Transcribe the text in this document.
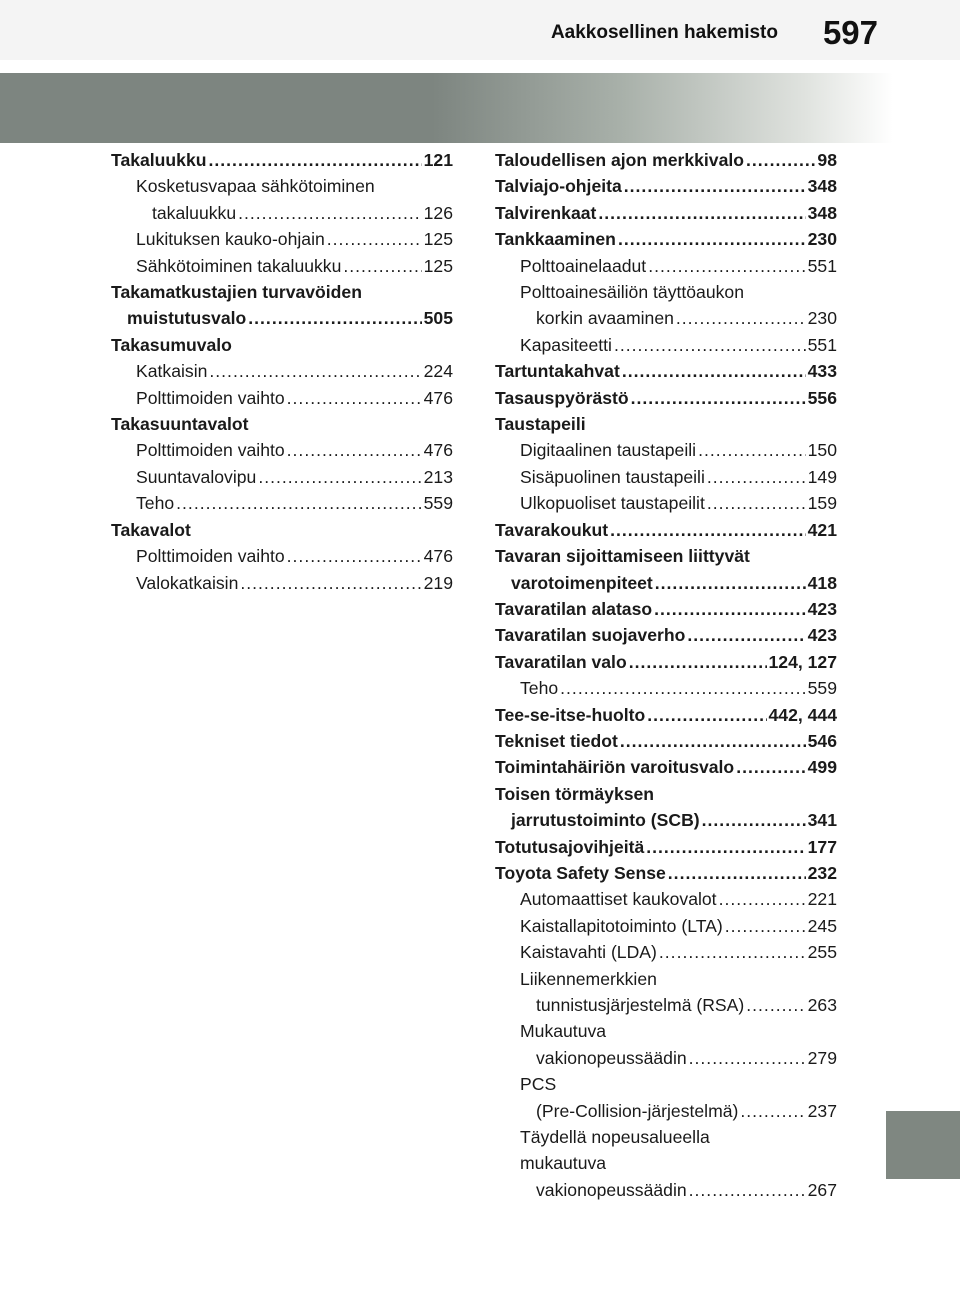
Aakkosellinen hakemisto 597
Takaluukku .....	121
Kosketusvapaa sähkötoiminen
takaluukku .....	126
Lukituksen kauko-ohjain .....	125
Sähkötoiminen takaluukku .....	125
Takamatkustajien turvavöiden
muistutusvalo .....	505
Takasumuvalo
Katkaisin .....	224
Polttimoiden vaihto .....	476
Takasuuntavalot
Polttimoiden vaihto .....	476
Suuntavalovipu .....	213
Teho .....	559
Takavalot
Polttimoiden vaihto .....	476
Valokatkaisin .....	219
Taloudellisen ajon merkkivalo .....	98
Talviajo-ohjeita .....	348
Talvirenkaat .....	348
Tankkaaminen .....	230
Polttoainelaadut .....	551
Polttoainesäiliön täyttöaukon
korkin avaaminen .....	230
Kapasiteetti .....	551
Tartuntakahvat .....	433
Tasauspyörästö .....	556
Taustapeili
Digitaalinen taustapeili .....	150
Sisäpuolinen taustapeili .....	149
Ulkopuoliset taustapeilit .....	159
Tavarakoukut .....	421
Tavaran sijoittamiseen liittyvät
varotoimenpiteet .....	418
Tavaratilan alataso .....	423
Tavaratilan suojaverho .....	423
Tavaratilan valo .....	124, 127
Teho .....	559
Tee-se-itse-huolto .....	442, 444
Tekniset tiedot .....	546
Toimintahäiriön varoitusvalo .....	499
Toisen törmäyksen
jarrutustoiminto (SCB) .....	341
Totutusajovihjeitä .....	177
Toyota Safety Sense .....	232
Automaattiset kaukovalot .....	221
Kaistallapitotoiminto (LTA) .....	245
Kaistavahti (LDA) .....	255
Liikennemerkkien
tunnistusjärjestelmä (RSA) .....	263
Mukautuva
vakionopeussäädin .....	279
PCS
(Pre-Collision-järjestelmä) .....	237
Täydellä nopeusalueella
mukautuva
vakionopeussäädin .....	267
